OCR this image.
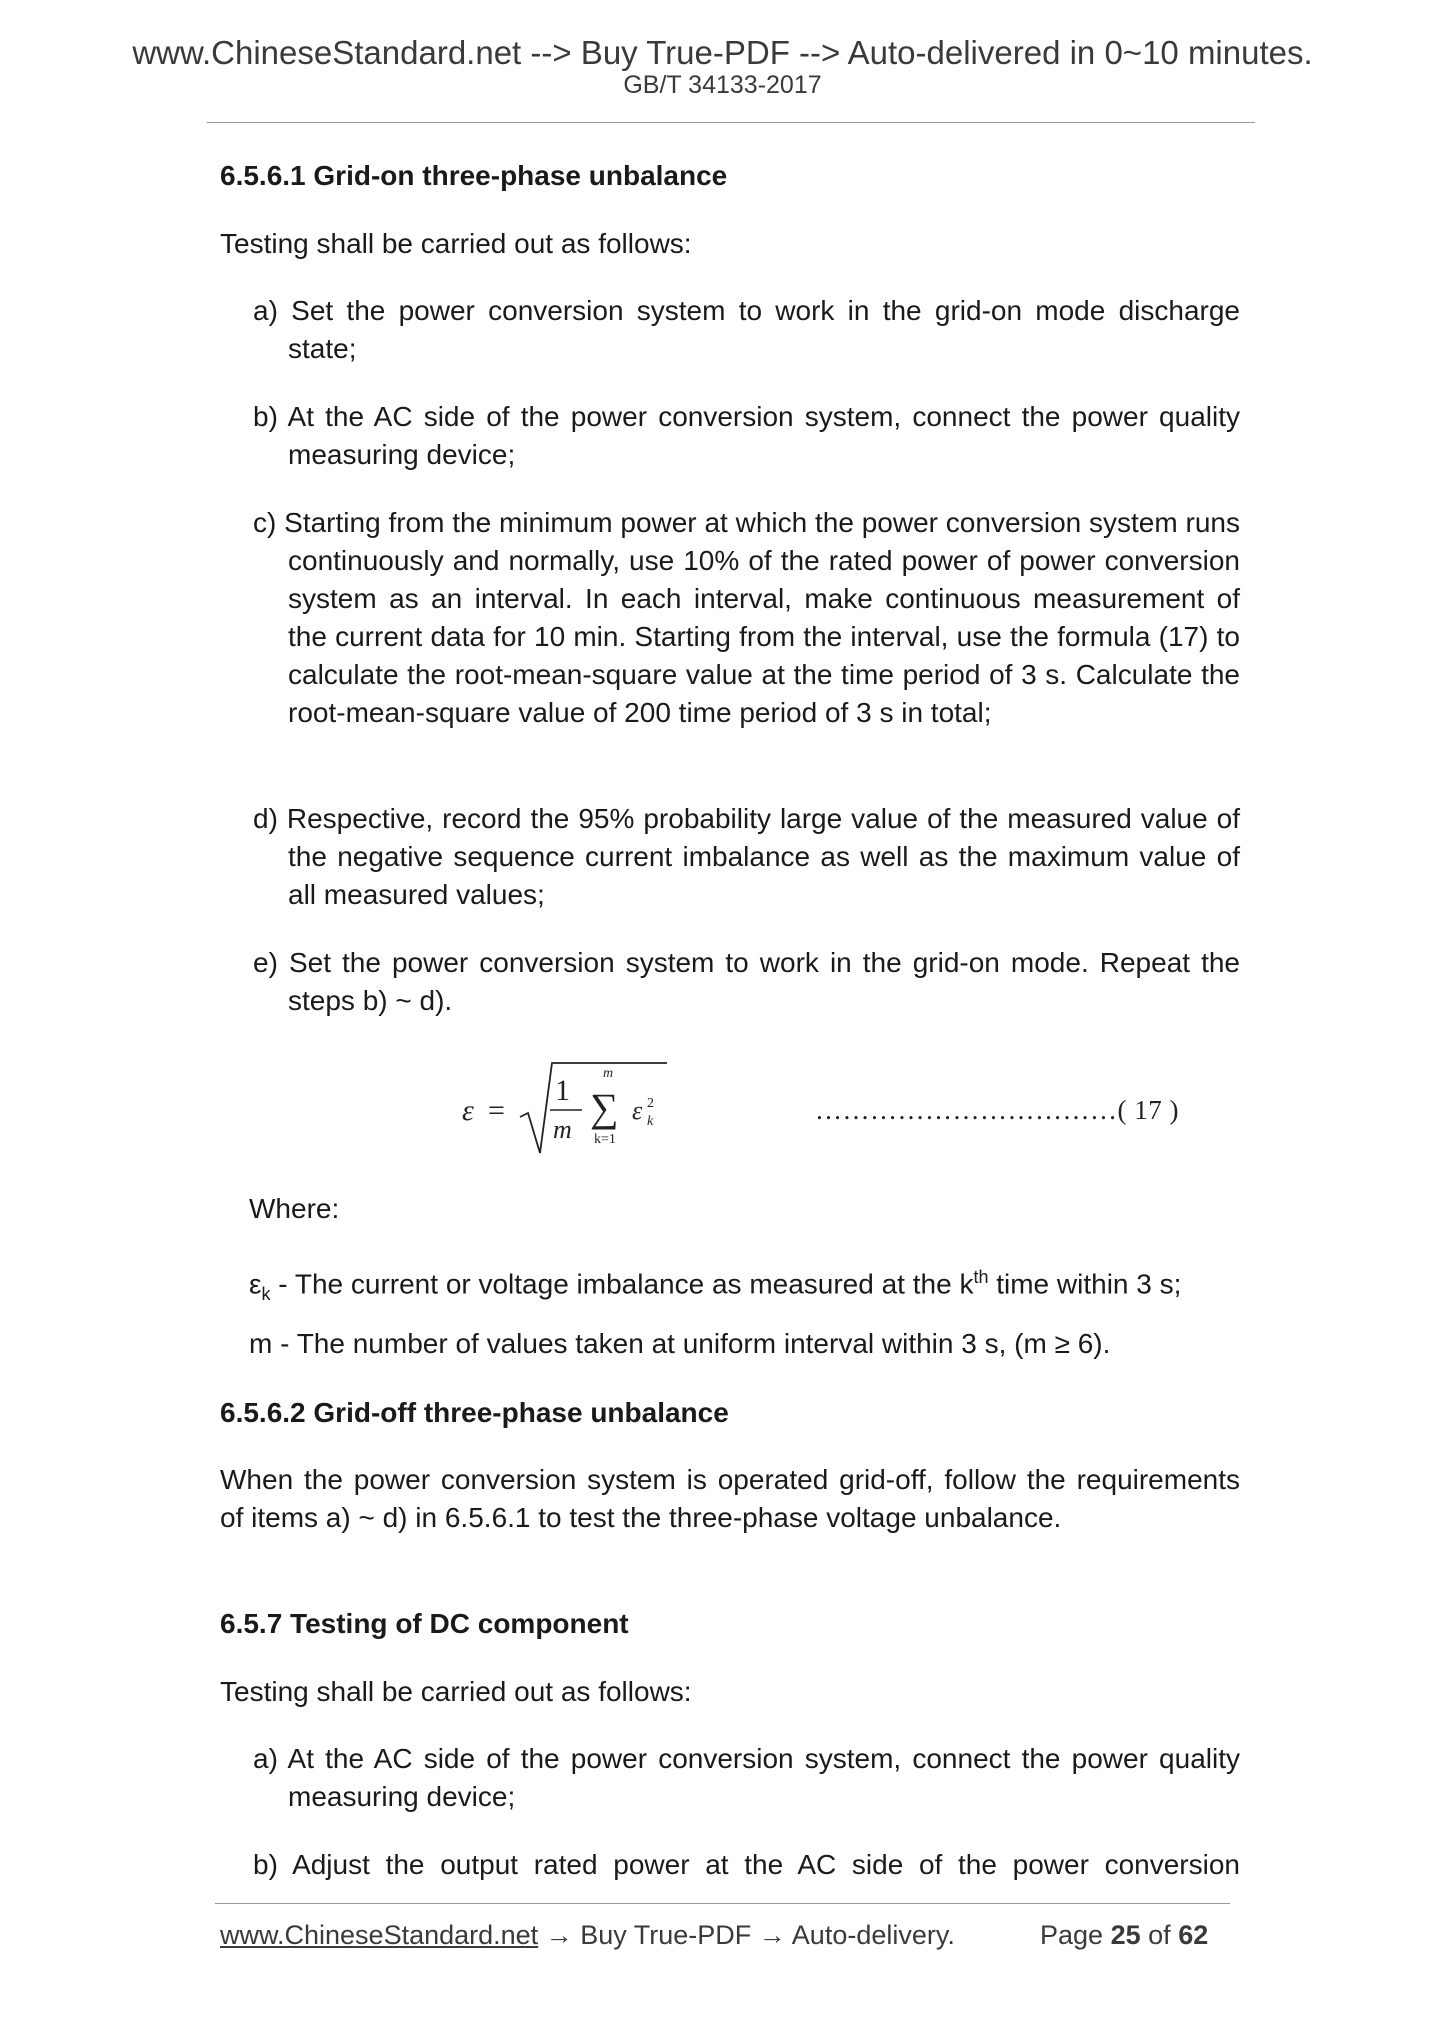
www.ChineseStandard.net --> Buy True-PDF --> Auto-delivered in 0~10 minutes.
GB/T 34133-2017
6.5.6.1 Grid-on three-phase unbalance
Testing shall be carried out as follows:
a) Set the power conversion system to work in the grid-on mode discharge state;
b) At the AC side of the power conversion system, connect the power quality measuring device;
c) Starting from the minimum power at which the power conversion system runs continuously and normally, use 10% of the rated power of power conversion system as an interval. In each interval, make continuous measurement of the current data for 10 min. Starting from the interval, use the formula (17) to calculate the root-mean-square value at the time period of 3 s. Calculate the root-mean-square value of 200 time period of 3 s in total;
d) Respective, record the 95% probability large value of the measured value of the negative sequence current imbalance as well as the maximum value of all measured values;
e) Set the power conversion system to work in the grid-on mode. Repeat the steps b) ~ d).
ε =
1
m
m
∑
k=1
ε 2
k	……………………………( 17 )
Where:
$\varepsilon_k$ - The current or voltage imbalance as measured at the $k^{th}$ time within 3 s;
m - The number of values taken at uniform interval within 3 s, (m ≥ 6).
6.5.6.2 Grid-off three-phase unbalance
When the power conversion system is operated grid-off, follow the requirements of items a) ~ d) in 6.5.6.1 to test the three-phase voltage unbalance.
6.5.7 Testing of DC component
Testing shall be carried out as follows:
a) At the AC side of the power conversion system, connect the power quality measuring device;
b) Adjust the output rated power at the AC side of the power conversion
www.ChineseStandard.net → Buy True-PDF → Auto-delivery.	Page 25 of 62
